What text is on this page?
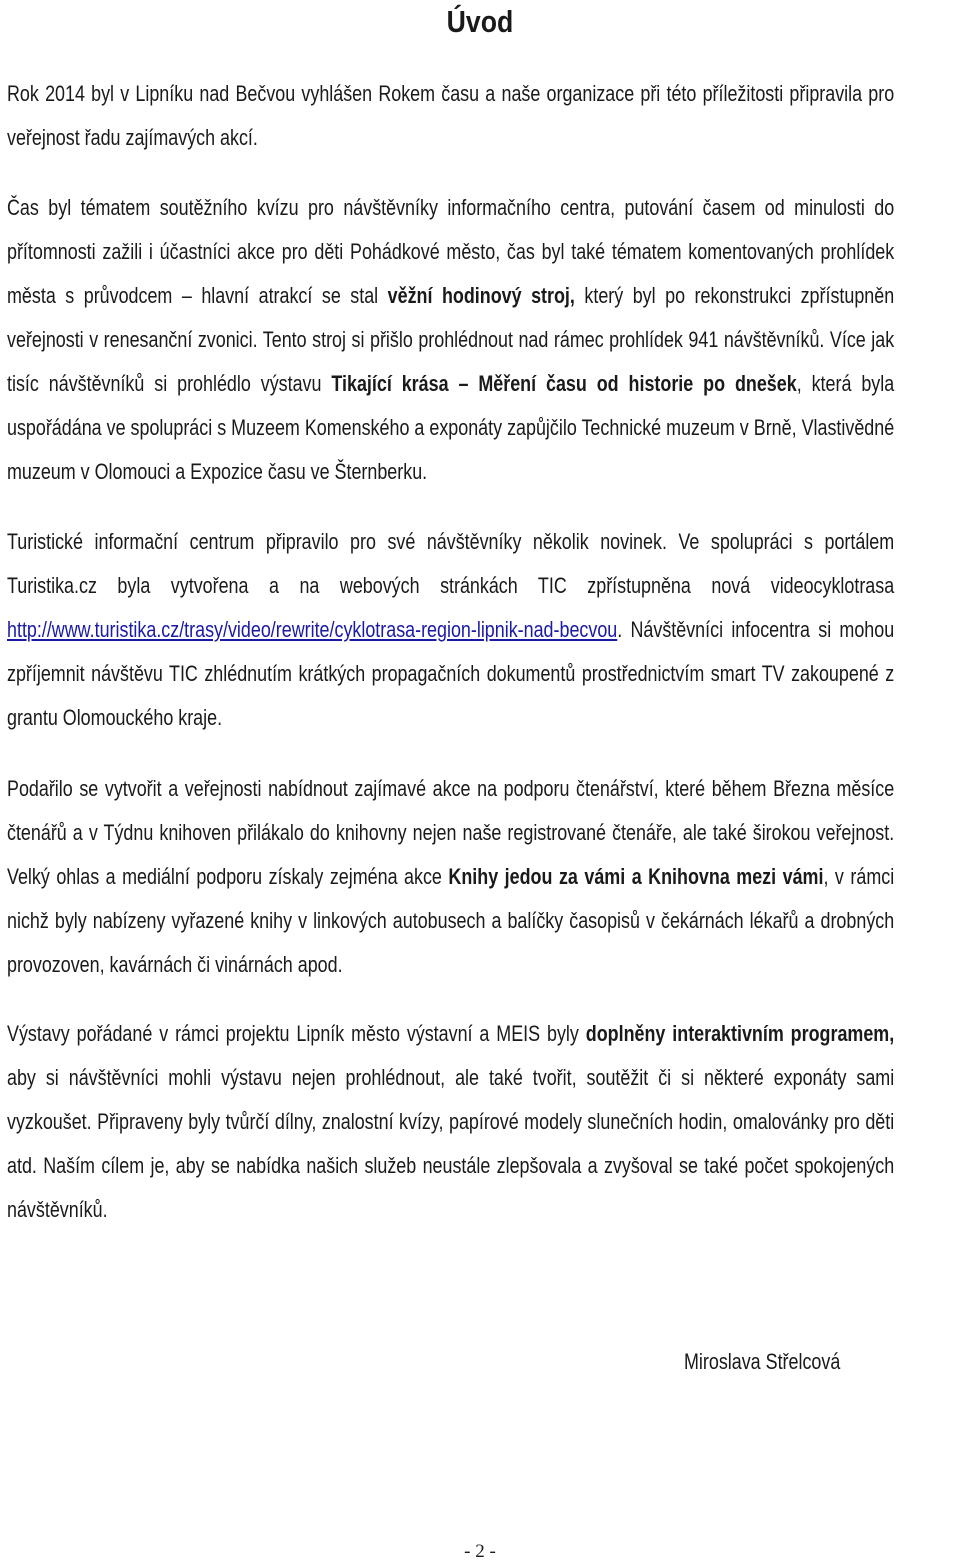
Úvod

Rok 2014 byl v Lipníku nad Bečvou vyhlášen Rokem času a naše organizace při této příležitosti připravila pro veřejnost řadu zajímavých akcí.

Čas byl tématem soutěžního kvízu pro návštěvníky informačního centra, putování časem od minulosti do přítomnosti zažili i účastníci akce pro děti Pohádkové město, čas byl také tématem komentovaných prohlídek města s průvodcem – hlavní atrakcí se stal věžní hodinový stroj, který byl po rekonstrukci zpřístupněn veřejnosti v renesanční zvonici. Tento stroj si přišlo prohlédnout nad rámec prohlídek 941 návštěvníků. Více jak tisíc návštěvníků si prohlédlo výstavu Tikající krása – Měření času od historie po dnešek, která byla uspořádána ve spolupráci s Muzeem Komenského a exponáty zapůjčilo Technické muzeum v Brně, Vlastivědné muzeum v Olomouci a Expozice času ve Šternberku.

Turistické informační centrum připravilo pro své návštěvníky několik novinek. Ve spolupráci s portálem Turistika.cz byla vytvořena a na webových stránkách TIC zpřístupněna nová videocyklotrasa http://www.turistika.cz/trasy/video/rewrite/cyklotrasa-region-lipnik-nad-becvou. Návštěvníci infocentra si mohou zpříjemnit návštěvu TIC zhlédnutím krátkých propagačních dokumentů prostřednictvím smart TV zakoupené z grantu Olomouckého kraje.

Podařilo se vytvořit a veřejnosti nabídnout zajímavé akce na podporu čtenářství, které během Března měsíce čtenářů a v Týdnu knihoven přilákalo do knihovny nejen naše registrované čtenáře, ale také širokou veřejnost. Velký ohlas a mediální podporu získaly zejména akce Knihy jedou za vámi a Knihovna mezi vámi, v rámci nichž byly nabízeny vyřazené knihy v linkových autobusech a balíčky časopisů v čekárnách lékařů a drobných provozoven, kavárnách či vinárnách apod.

Výstavy pořádané v rámci projektu Lipník město výstavní a MEIS byly doplněny interaktivním programem, aby si návštěvníci mohli výstavu nejen prohlédnout, ale také tvořit, soutěžit či si některé exponáty sami vyzkoušet. Připraveny byly tvůrčí dílny, znalostní kvízy, papírové modely slunečních hodin, omalovánky pro děti atd. Naším cílem je, aby se nabídka našich služeb neustále zlepšovala a zvyšoval se také počet spokojených návštěvníků.

Miroslava Střelcová

- 2 -
